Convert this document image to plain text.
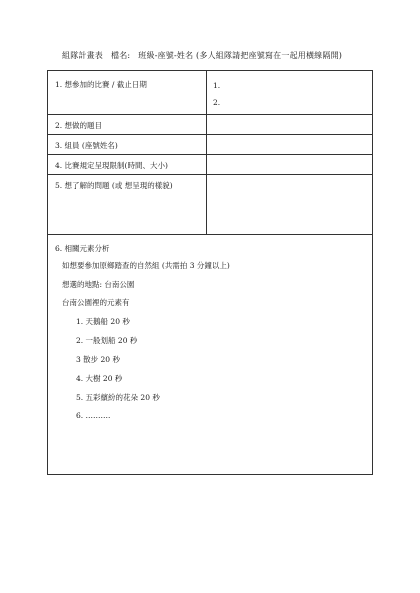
組隊計畫表 檔名: 班級-座號-姓名 (多人組隊請把座號寫在一起用橫線隔開)
1. 想參加的比賽 / 截止日期	1.
2.
2. 想做的題目
3. 組員 (座號姓名)
4. 比賽規定呈現限制(時間、大小)
5. 想了解的問題 (或 想呈現的樣貌)
6. 相關元素分析
如想要參加原鄉踏查的自然組 (共需拍 3 分鐘以上)
想選的地點: 台南公園
台南公園裡的元素有
1. 天鵝船 20 秒
2. 一般划船 20 秒
3 散步 20 秒
4. 大樹 20 秒
5. 五彩繽紛的花朵 20 秒
6. ……….
